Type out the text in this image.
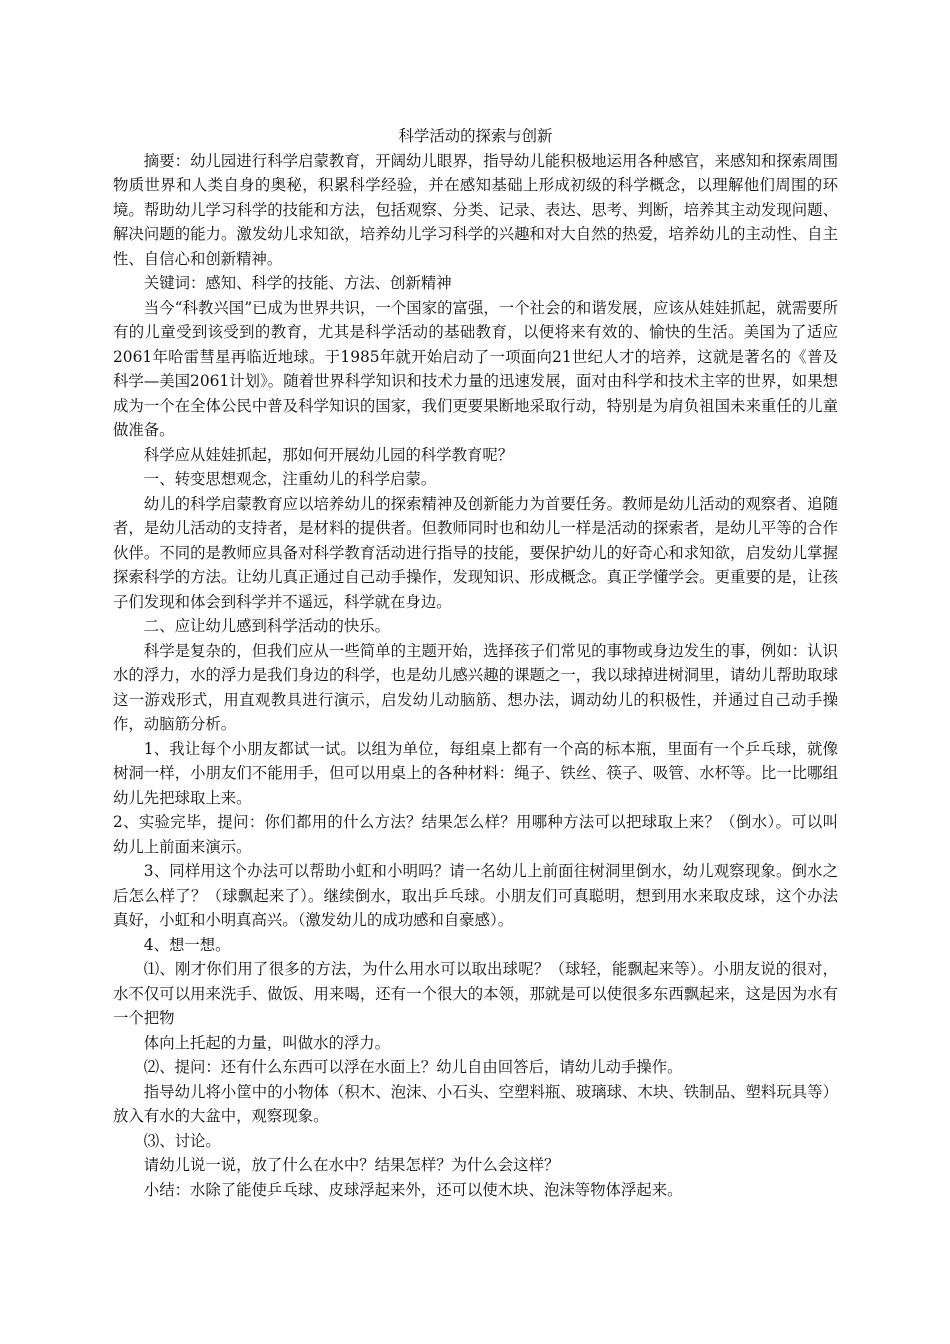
科学活动的探索与创新

摘要：幼儿园进行科学启蒙教育，开阔幼儿眼界，指导幼儿能积极地运用各种感官，来感知和探索周围物质世界和人类自身的奥秘，积累科学经验，并在感知基础上形成初级的科学概念，以理解他们周围的环境。帮助幼儿学习科学的技能和方法，包括观察、分类、记录、表达、思考、判断，培养其主动发现问题、解决问题的能力。激发幼儿求知欲，培养幼儿学习科学的兴趣和对大自然的热爱，培养幼儿的主动性、自主性、自信心和创新精神。

关键词：感知、科学的技能、方法、创新精神

当今“科教兴国”已成为世界共识，一个国家的富强，一个社会的和谐发展，应该从娃娃抓起，就需要所有的儿童受到该受到的教育，尤其是科学活动的基础教育，以便将来有效的、愉快的生活。美国为了适应2061年哈雷彗星再临近地球。于1985年就开始启动了一项面向21世纪人才的培养，这就是著名的《普及科学—美国2061计划》。随着世界科学知识和技术力量的迅速发展，面对由科学和技术主宰的世界，如果想成为一个在全体公民中普及科学知识的国家，我们更要果断地采取行动，特别是为肩负祖国未来重任的儿童做准备。

科学应从娃娃抓起，那如何开展幼儿园的科学教育呢？

一、转变思想观念，注重幼儿的科学启蒙。

幼儿的科学启蒙教育应以培养幼儿的探索精神及创新能力为首要任务。教师是幼儿活动的观察者、追随者，是幼儿活动的支持者，是材料的提供者。但教师同时也和幼儿一样是活动的探索者，是幼儿平等的合作伙伴。不同的是教师应具备对科学教育活动进行指导的技能，要保护幼儿的好奇心和求知欲，启发幼儿掌握探索科学的方法。让幼儿真正通过自己动手操作，发现知识、形成概念。真正学懂学会。更重要的是，让孩子们发现和体会到科学并不遥远，科学就在身边。

二、应让幼儿感到科学活动的快乐。

科学是复杂的，但我们应从一些简单的主题开始，选择孩子们常见的事物或身边发生的事，例如：认识水的浮力，水的浮力是我们身边的科学，也是幼儿感兴趣的课题之一，我以球掉进树洞里，请幼儿帮助取球这一游戏形式，用直观教具进行演示，启发幼儿动脑筋、想办法，调动幼儿的积极性，并通过自己动手操作，动脑筋分析。

1、我让每个小朋友都试一试。以组为单位，每组桌上都有一个高的标本瓶，里面有一个乒乓球，就像树洞一样，小朋友们不能用手，但可以用桌上的各种材料：绳子、铁丝、筷子、吸管、水杯等。比一比哪组幼儿先把球取上来。

2、实验完毕，提问：你们都用的什么方法？结果怎么样？用哪种方法可以把球取上来？（倒水）。可以叫幼儿上前面来演示。

3、同样用这个办法可以帮助小虹和小明吗？请一名幼儿上前面往树洞里倒水，幼儿观察现象。倒水之后怎么样了？（球飘起来了）。继续倒水，取出乒乓球。小朋友们可真聪明，想到用水来取皮球，这个办法真好，小虹和小明真高兴。（激发幼儿的成功感和自豪感）。

4、想一想。

⑴、刚才你们用了很多的方法，为什么用水可以取出球呢？（球轻，能飘起来等）。小朋友说的很对，水不仅可以用来洗手、做饭、用来喝，还有一个很大的本领，那就是可以使很多东西飘起来，这是因为水有一个把物

体向上托起的力量，叫做水的浮力。

⑵、提问：还有什么东西可以浮在水面上？幼儿自由回答后，请幼儿动手操作。

指导幼儿将小筐中的小物体（积木、泡沫、小石头、空塑料瓶、玻璃球、木块、铁制品、塑料玩具等）放入有水的大盆中，观察现象。

⑶、讨论。

请幼儿说一说，放了什么在水中？结果怎样？为什么会这样？

小结：水除了能使乒乓球、皮球浮起来外，还可以使木块、泡沫等物体浮起来。
